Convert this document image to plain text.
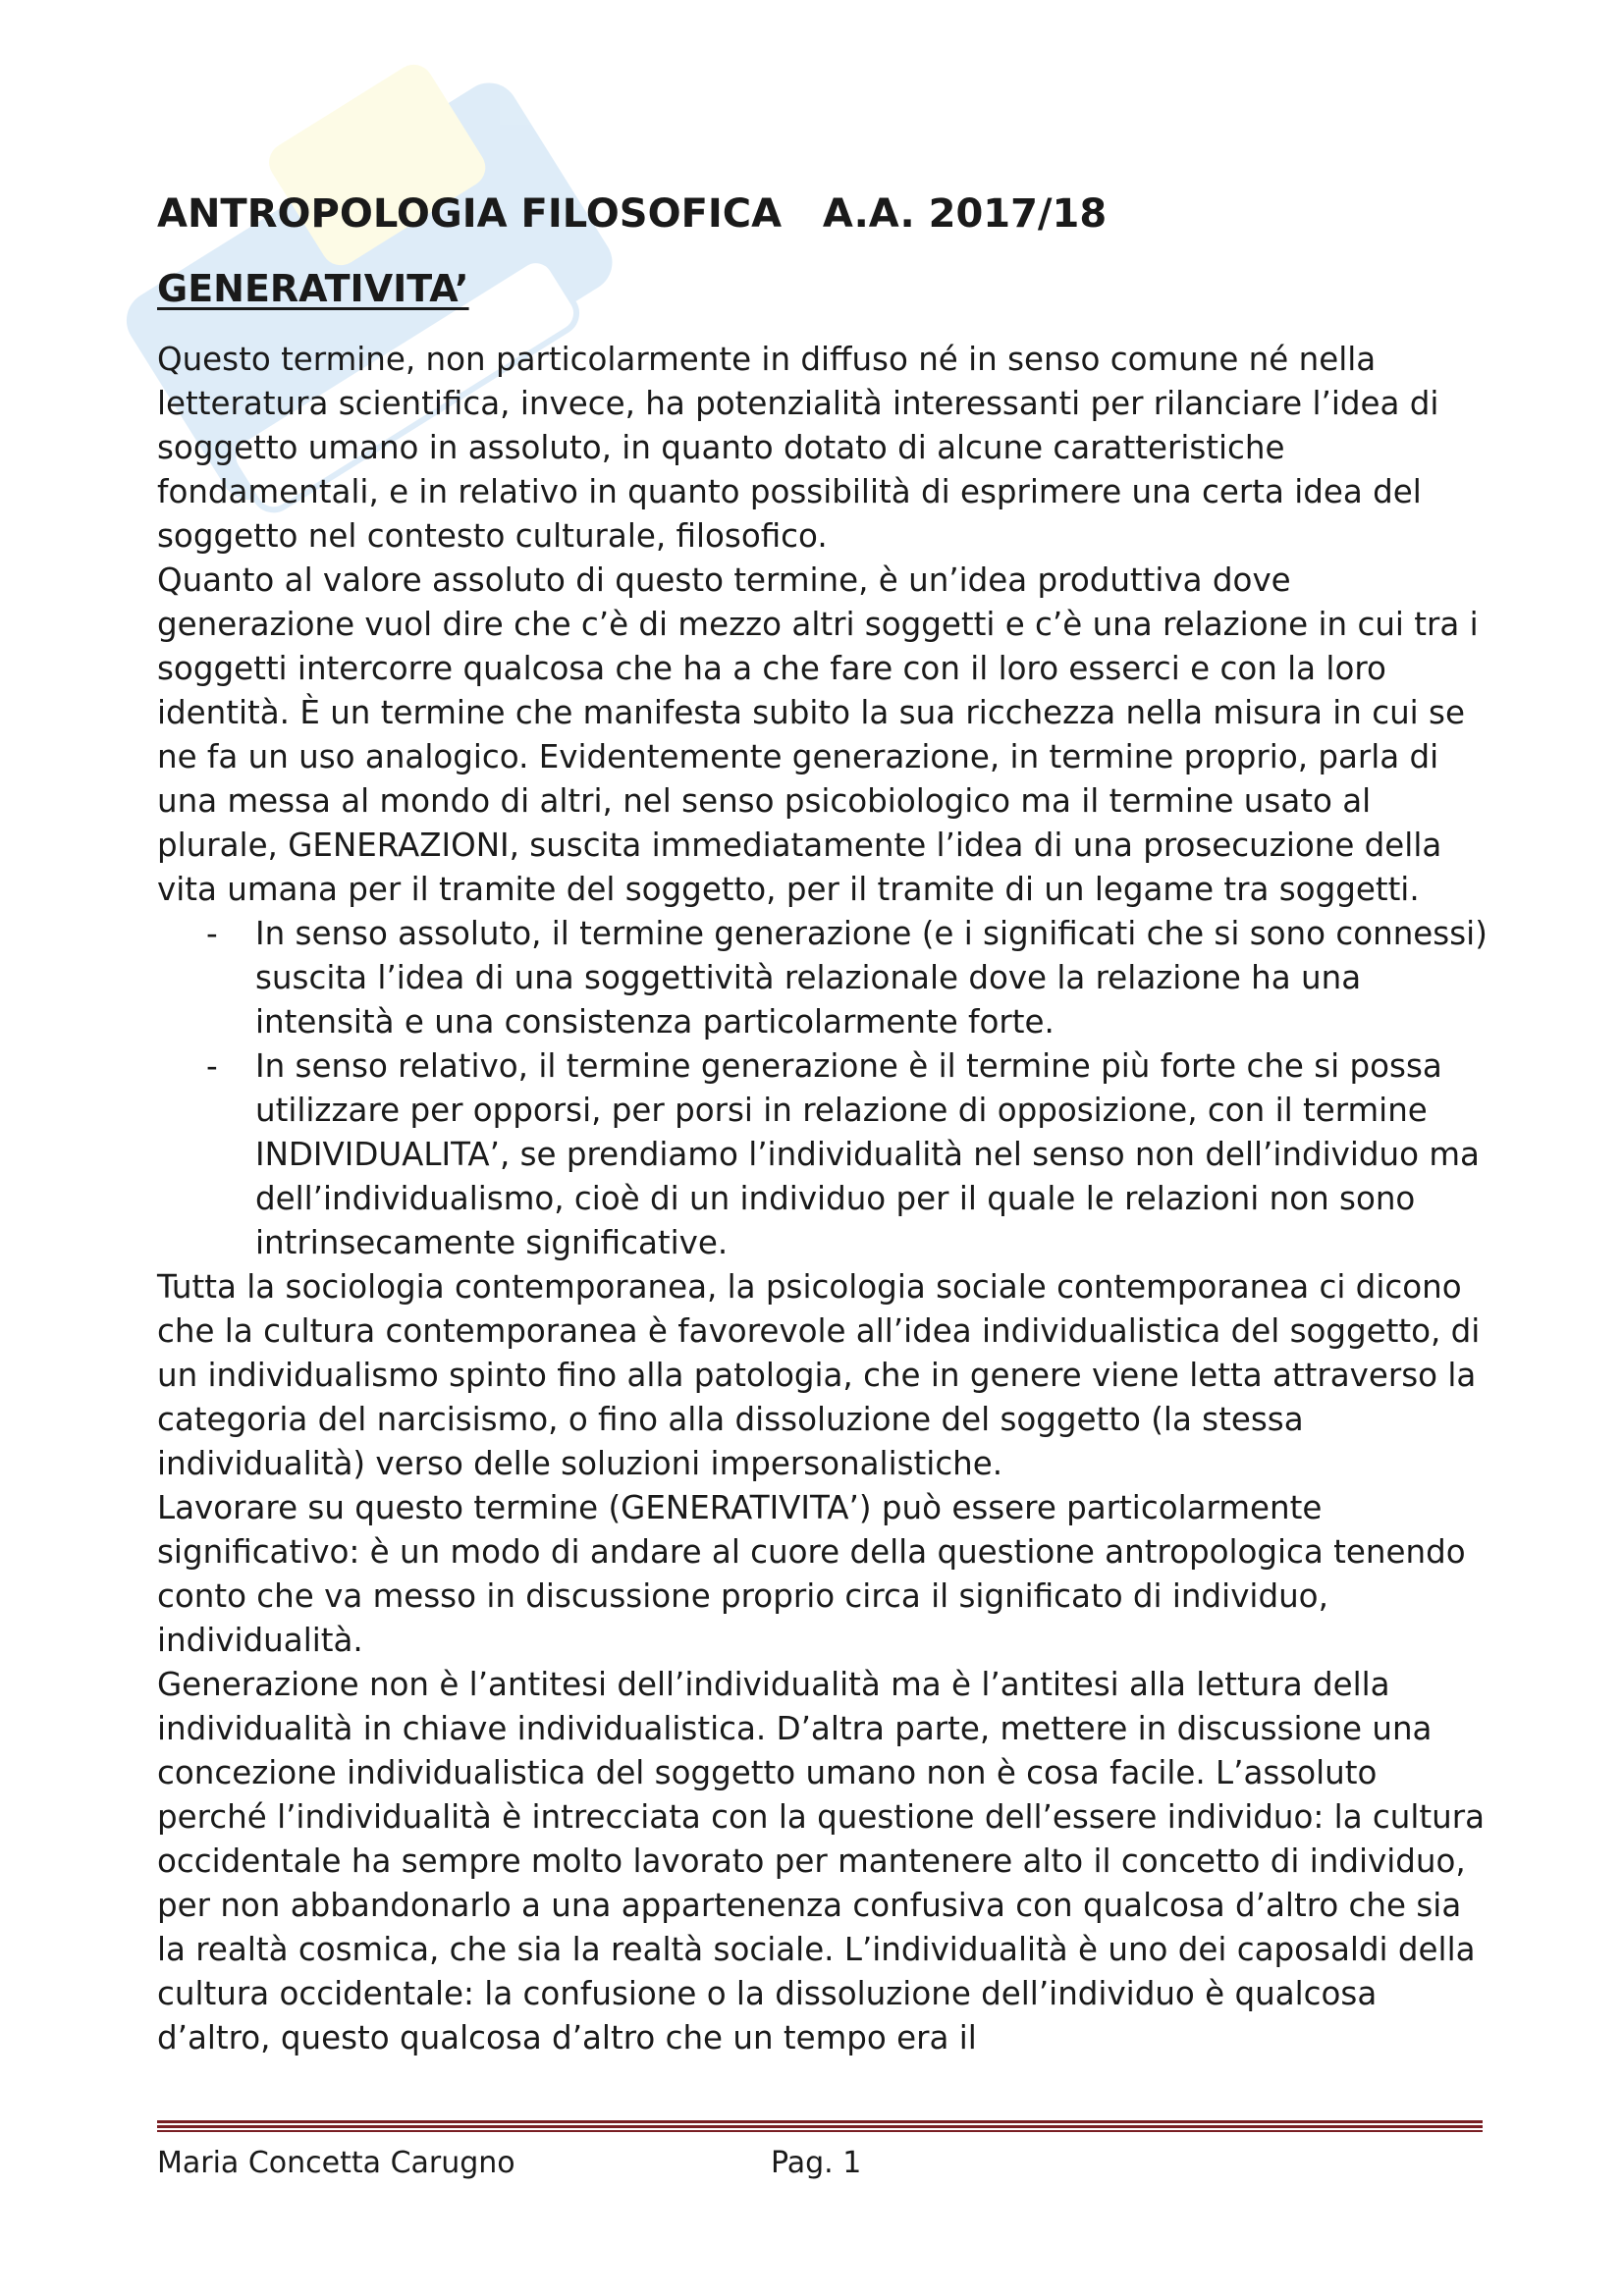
ANTROPOLOGIA FILOSOFICA   A.A. 2017/18
GENERATIVITA’

Questo termine, non particolarmente in diffuso né in senso comune né nella letteratura scientifica, invece, ha potenzialità interessanti per rilanciare l’idea di soggetto umano in assoluto, in quanto dotato di alcune caratteristiche fondamentali, e in relativo in quanto possibilità di esprimere una certa idea del soggetto nel contesto culturale, filosofico.

Quanto al valore assoluto di questo termine, è un’idea produttiva dove generazione vuol dire che c’è di mezzo altri soggetti e c’è una relazione in cui tra i soggetti intercorre qualcosa che ha a che fare con il loro esserci e con la loro identità. È un termine che manifesta subito la sua ricchezza nella misura in cui se ne fa un uso analogico. Evidentemente generazione, in termine proprio, parla di una messa al mondo di altri, nel senso psicobiologico ma il termine usato al plurale, GENERAZIONI, suscita immediatamente l’idea di una prosecuzione della vita umana per il tramite del soggetto, per il tramite di un legame tra soggetti.

- In senso assoluto, il termine generazione (e i significati che si sono connessi) suscita l’idea di una soggettività relazionale dove la relazione ha una intensità e una consistenza particolarmente forte.
- In senso relativo, il termine generazione è il termine più forte che si possa utilizzare per opporsi, per porsi in relazione di opposizione, con il termine INDIVIDUALITA’, se prendiamo l’individualità nel senso non dell’individuo ma dell’individualismo, cioè di un individuo per il quale le relazioni non sono intrinsecamente significative.

Tutta la sociologia contemporanea, la psicologia sociale contemporanea ci dicono che la cultura contemporanea è favorevole all’idea individualistica del soggetto, di un individualismo spinto fino alla patologia, che in genere viene letta attraverso la categoria del narcisismo, o fino alla dissoluzione del soggetto (la stessa individualità) verso delle soluzioni impersonalistiche.

Lavorare su questo termine (GENERATIVITA’) può essere particolarmente significativo: è un modo di andare al cuore della questione antropologica tenendo conto che va messo in discussione proprio circa il significato di individuo, individualità.

Generazione non è l’antitesi dell’individualità ma è l’antitesi alla lettura della individualità in chiave individualistica. D’altra parte, mettere in discussione una concezione individualistica del soggetto umano non è cosa facile. L’assoluto perché l’individualità è intrecciata con la questione dell’essere individuo: la cultura occidentale ha sempre molto lavorato per mantenere alto il concetto di individuo, per non abbandonarlo a una appartenenza confusiva con qualcosa d’altro che sia la realtà cosmica, che sia la realtà sociale. L’individualità è uno dei caposaldi della cultura occidentale: la confusione o la dissoluzione dell’individuo è qualcosa d’altro, questo qualcosa d’altro che un tempo era il

Maria Concetta Carugno	Pag. 1
